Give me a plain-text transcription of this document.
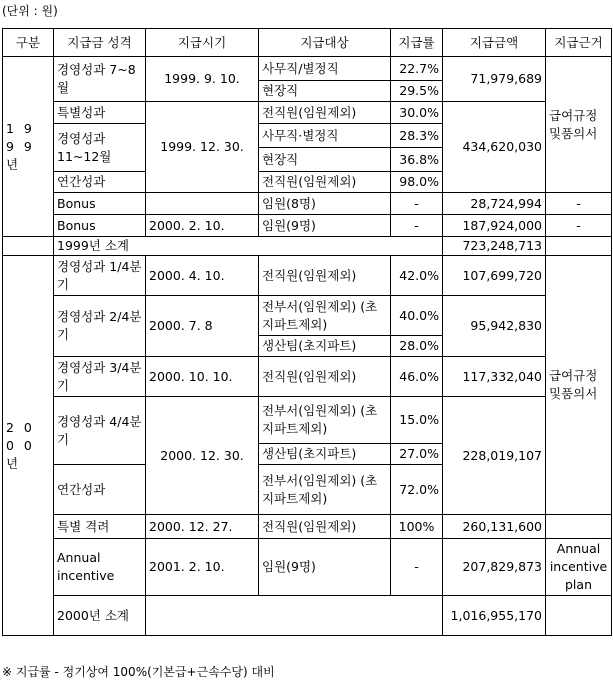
(단위 : 원)
구분	지급금 성격	지급시기	지급대상	지급률	지급금액	지급근거
1 9 9 9 년	경영성과 7~8월	1999. 9. 10.	사무직/별정직	22.7%	71,979,689	급여규정및품의서
			현장직	29.5%		
	특별성과	1999. 12. 30.	전직원(임원제외)	30.0%	434,620,030	
	경영성과 11~12월		사무직·별정직	28.3%		
			현장직	36.8%		
	연간성과		전직원(임원제외)	98.0%		
	Bonus		임원(8명)	-	28,724,994	-
	Bonus	2000. 2. 10.	임원(9명)	-	187,924,000	-
	1999년 소계				723,248,713	
2 0 0 0 년	경영성과 1/4분기	2000. 4. 10.	전직원(임원제외)	42.0%	107,699,720	급여규정및품의서
	경영성과 2/4분기	2000. 7. 8	전부서(임원제외) (초지파트제외)	40.0%	95,942,830	
			생산팀(초지파트)	28.0%		
	경영성과 3/4분기	2000. 10. 10.	전직원(임원제외)	46.0%	117,332,040	
	경영성과 4/4분기	2000. 12. 30.	전부서(임원제외) (초지파트제외)	15.0%	228,019,107	
			생산팀(초지파트)	27.0%		
	연간성과		전부서(임원제외) (초지파트제외)	72.0%		
	특별 격려	2000. 12. 27.	전직원(임원제외)	100%	260,131,600	
	Annual incentive	2001. 2. 10.	임원(9명)	-	207,829,873	Annual incentive plan
	2000년 소계				1,016,955,170	
※ 지급률 - 정기상여 100%(기본급+근속수당) 대비
